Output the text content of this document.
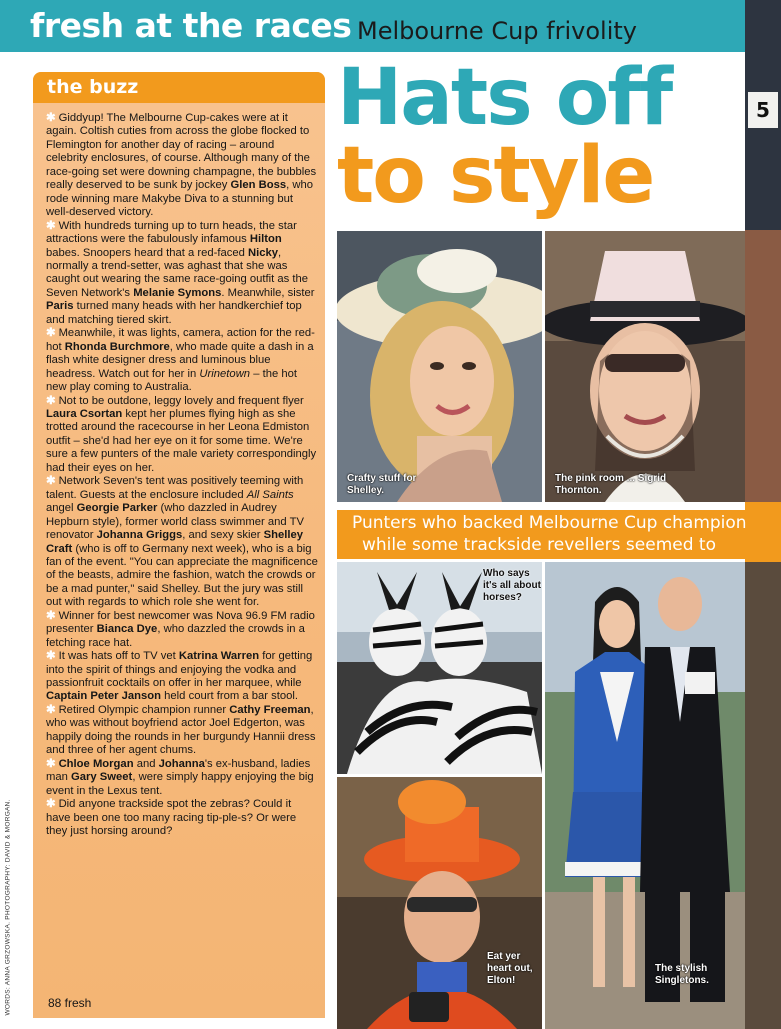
fresh at the races Melbourne Cup frivolity
5
the buzz

✱ Giddyup! The Melbourne Cup-cakes were at it again. Coltish cuties from across the globe flocked to Flemington for another day of racing – around celebrity enclosures, of course. Although many of the race-going set were downing champagne, the bubbles really deserved to be sunk by jockey Glen Boss, who rode winning mare Makybe Diva to a stunning but well-deserved victory.

✱ With hundreds turning up to turn heads, the star attractions were the fabulously infamous Hilton babes. Snoopers heard that a red-faced Nicky, normally a trend-setter, was aghast that she was caught out wearing the same race-going outfit as the Seven Network's Melanie Symons. Meanwhile, sister Paris turned many heads with her handkerchief top and matching tiered skirt.

✱ Meanwhile, it was lights, camera, action for the red-hot Rhonda Burchmore, who made quite a dash in a flash white designer dress and luminous blue headress. Watch out for her in Urinetown – the hot new play coming to Australia.

✱ Not to be outdone, leggy lovely and frequent flyer Laura Csortan kept her plumes flying high as she trotted around the racecourse in her Leona Edmiston outfit – she'd had her eye on it for some time. We're sure a few punters of the male variety correspondingly had their eyes on her.

✱ Network Seven's tent was positively teeming with talent. Guests at the enclosure included All Saints angel Georgie Parker (who dazzled in Audrey Hepburn style), former world class swimmer and TV renovator Johanna Griggs, and sexy skier Shelley Craft (who is off to Germany next week), who is a big fan of the event. "You can appreciate the magnificence of the beasts, admire the fashion, watch the crowds or be a mad punter," said Shelley. But the jury was still out with regards to which role she went for.

✱ Winner for best newcomer was Nova 96.9 FM radio presenter Bianca Dye, who dazzled the crowds in a fetching race hat.

✱ It was hats off to TV vet Katrina Warren for getting into the spirit of things and enjoying the vodka and passionfruit cocktails on offer in her marquee, while Captain Peter Janson held court from a bar stool.

✱ Retired Olympic champion runner Cathy Freeman, who was without boyfriend actor Joel Edgerton, was happily doing the rounds in her burgundy Hannii dress and three of her agent chums.

✱ Chloe Morgan and Johanna's ex-husband, ladies man Gary Sweet, were simply happy enjoying the big event in the Lexus tent.

✱ Did anyone trackside spot the zebras? Could it have been one too many racing tip-ple-s? Or were they just horsing around?

88 fresh
WORDS: ANNA GRZOWSKA. PHOTOGRAPHY: DAVID & MORGAN.
Hats off
to style
Crafty stuff for Shelley.
The pink room ... Sigrid Thornton.
Punters who backed Melbourne Cup champion
while some trackside revellers seemed to
Who says it's all about horses?
Eat yer heart out, Elton!
The stylish Singletons.
